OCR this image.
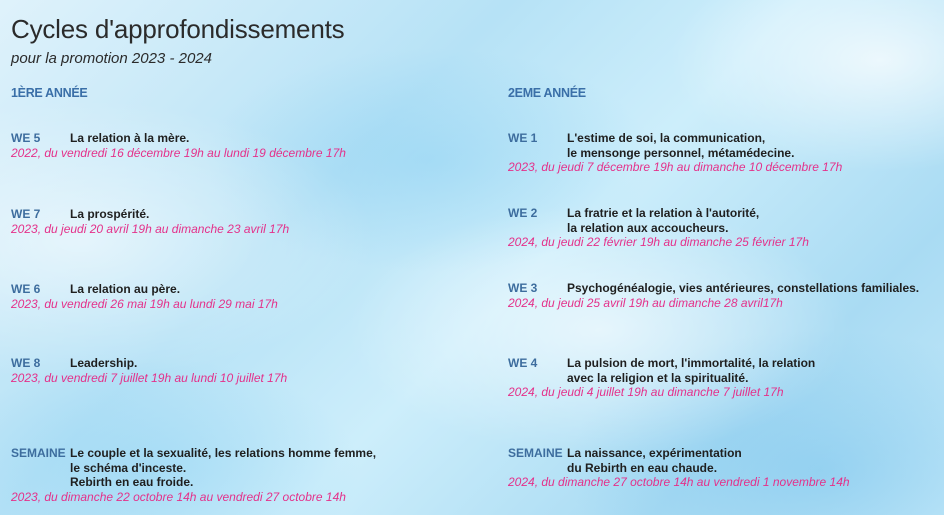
Cycles d'approfondissements
pour la promotion 2023 - 2024
1ÈRE ANNÉE
WE 5 La relation à la mère.
2022, du vendredi 16 décembre 19h au lundi 19 décembre 17h
WE 7 La prospérité.
2023, du jeudi 20 avril 19h au dimanche 23 avril 17h
WE 6 La relation au père.
2023, du vendredi 26 mai 19h au lundi 29 mai 17h
WE 8 Leadership.
2023, du vendredi 7 juillet 19h au lundi 10 juillet 17h
SEMAINE Le couple et la sexualité, les relations homme femme,
le schéma d'inceste.
Rebirth en eau froide.
2023, du dimanche 22 octobre 14h au vendredi 27 octobre 14h
2EME ANNÉE
WE 1 L'estime de soi, la communication,
le mensonge personnel, métamédecine.
2023, du jeudi 7 décembre 19h au dimanche 10 décembre 17h
WE 2 La fratrie et la relation à l'autorité,
la relation aux accoucheurs.
2024, du jeudi 22 février 19h au dimanche 25 février 17h
WE 3 Psychogénéalogie, vies antérieures, constellations familiales.
2024, du jeudi 25 avril 19h au dimanche 28 avril17h
WE 4 La pulsion de mort, l'immortalité, la relation
avec la religion et la spiritualité.
2024, du jeudi 4 juillet 19h au dimanche 7 juillet 17h
SEMAINE La naissance, expérimentation
du Rebirth en eau chaude.
2024, du dimanche 27 octobre 14h au vendredi 1 novembre 14h
